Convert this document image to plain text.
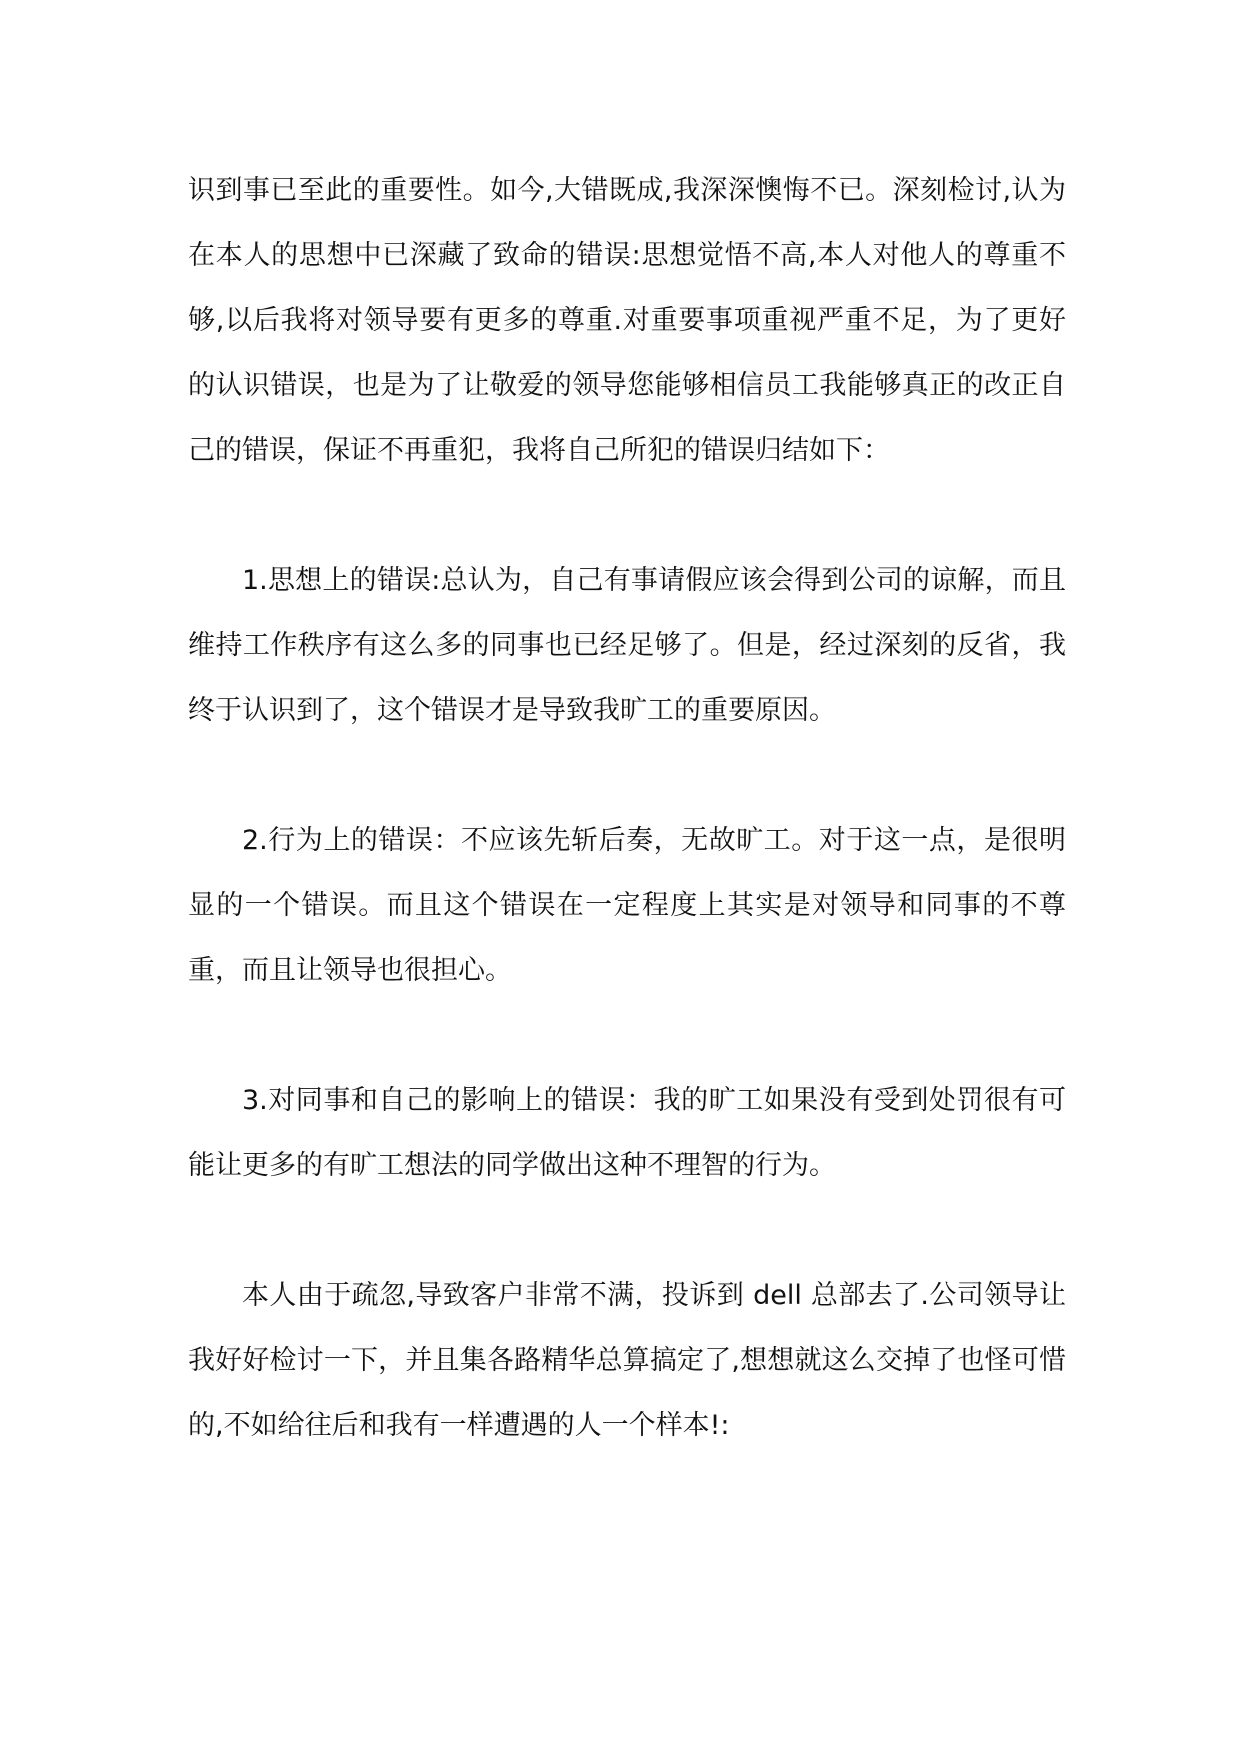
识到事已至此的重要性。如今,大错既成,我深深懊悔不已。深刻检讨,认为在本人的思想中已深藏了致命的错误:思想觉悟不高,本人对他人的尊重不够,以后我将对领导要有更多的尊重.对重要事项重视严重不足，为了更好的认识错误，也是为了让敬爱的领导您能够相信员工我能够真正的改正自己的错误，保证不再重犯，我将自己所犯的错误归结如下：

1.思想上的错误:总认为，自己有事请假应该会得到公司的谅解，而且维持工作秩序有这么多的同事也已经足够了。但是，经过深刻的反省，我终于认识到了，这个错误才是导致我旷工的重要原因。

2.行为上的错误：不应该先斩后奏，无故旷工。对于这一点，是很明显的一个错误。而且这个错误在一定程度上其实是对领导和同事的不尊重，而且让领导也很担心。

3.对同事和自己的影响上的错误：我的旷工如果没有受到处罚很有可能让更多的有旷工想法的同学做出这种不理智的行为。

本人由于疏忽,导致客户非常不满，投诉到 dell 总部去了.公司领导让我好好检讨一下，并且集各路精华总算搞定了,想想就这么交掉了也怪可惜的,不如给往后和我有一样遭遇的人一个样本!:
